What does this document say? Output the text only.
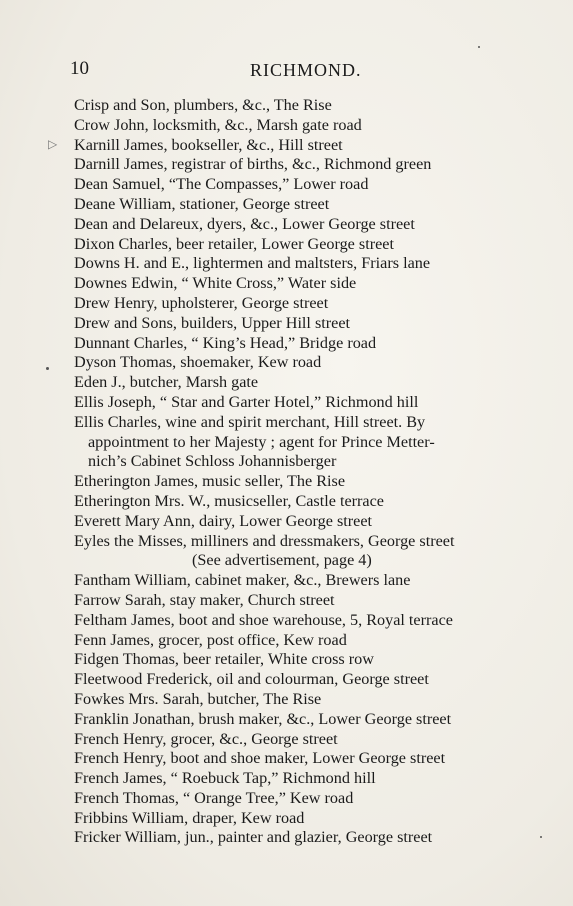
10	RICHMOND.
▷
Crisp and Son, plumbers, &c., The Rise
Crow John, locksmith, &c., Marsh gate road
Karnill James, bookseller, &c., Hill street
Darnill James, registrar of births, &c., Richmond green
Dean Samuel, “The Compasses,” Lower road
Deane William, stationer, George street
Dean and Delareux, dyers, &c., Lower George street
Dixon Charles, beer retailer, Lower George street
Downs H. and E., lightermen and maltsters, Friars lane
Downes Edwin, “ White Cross,” Water side
Drew Henry, upholsterer, George street
Drew and Sons, builders, Upper Hill street
Dunnant Charles, “ King’s Head,” Bridge road
Dyson Thomas, shoemaker, Kew road
Eden J., butcher, Marsh gate
Ellis Joseph, “ Star and Garter Hotel,” Richmond hill
Ellis Charles, wine and spirit merchant, Hill street. By
appointment to her Majesty ; agent for Prince Metter-
nich’s Cabinet Schloss Johannisberger
Etherington James, music seller, The Rise
Etherington Mrs. W., musicseller, Castle terrace
Everett Mary Ann, dairy, Lower George street
Eyles the Misses, milliners and dressmakers, George street
(See advertisement, page 4)
Fantham William, cabinet maker, &c., Brewers lane
Farrow Sarah, stay maker, Church street
Feltham James, boot and shoe warehouse, 5, Royal terrace
Fenn James, grocer, post office, Kew road
Fidgen Thomas, beer retailer, White cross row
Fleetwood Frederick, oil and colourman, George street
Fowkes Mrs. Sarah, butcher, The Rise
Franklin Jonathan, brush maker, &c., Lower George street
French Henry, grocer, &c., George street
French Henry, boot and shoe maker, Lower George street
French James, “ Roebuck Tap,” Richmond hill
French Thomas, “ Orange Tree,” Kew road
Fribbins William, draper, Kew road
Fricker William, jun., painter and glazier, George street
